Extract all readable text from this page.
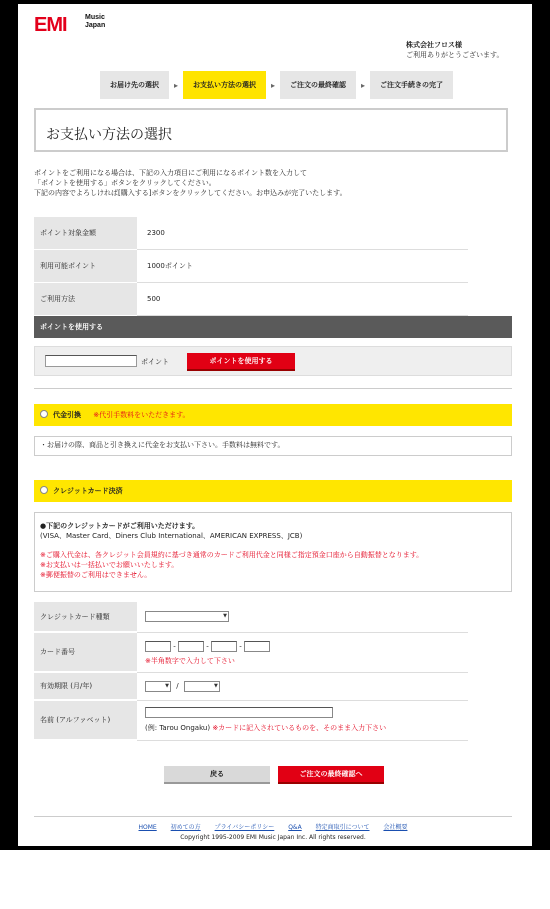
EMI	Music
Japan
株式会社フロス様
ご利用ありがとうございます。
お届け先の選択	▸	お支払い方法の選択	▸	ご注文の最終確認	▸	ご注文手続きの完了
お支払い方法の選択
ポイントをご利用になる場合は、下記の入力項目にご利用になるポイント数を入力して
「ポイントを使用する」ボタンをクリックしてください。
下記の内容でよろしければ[購入する]ボタンをクリックしてください。お申込みが完了いたします。
ポイント対象金額	2300
利用可能ポイント	1000ポイント
ご利用方法	500
ポイントを使用する
ポイント	ポイントを使用する
代金引換 ※代引手数料をいただきます。
・お届けの際、商品と引き換えに代金をお支払い下さい。手数料は無料です。
クレジットカード決済
●下記のクレジットカードがご利用いただけます。
(VISA、Master Card、Diners Club International、AMERICAN EXPRESS、JCB)
※ご購入代金は、各クレジット会員規約に基づき通常のカードご利用代金と同様ご指定預金口座から自動振替となります。
※お支払いは一括払いでお願いいたします。
※郵便振替のご利用はできません。
クレジットカード種類	▼
カード番号	- - -
※半角数字で入力して下さい

有効期限 (月/年)	▼/ ▼
名前 (アルファベット)	(例: Tarou Ongaku) ※カードに記入されているものを、そのまま入力下さい
戻る	ご注文の最終確認へ
HOME 初めての方 プライバシーポリシー Q&A 特定商取引について 会社概要
Copyright 1995-2009 EMI Music Japan Inc. All rights reserved.
